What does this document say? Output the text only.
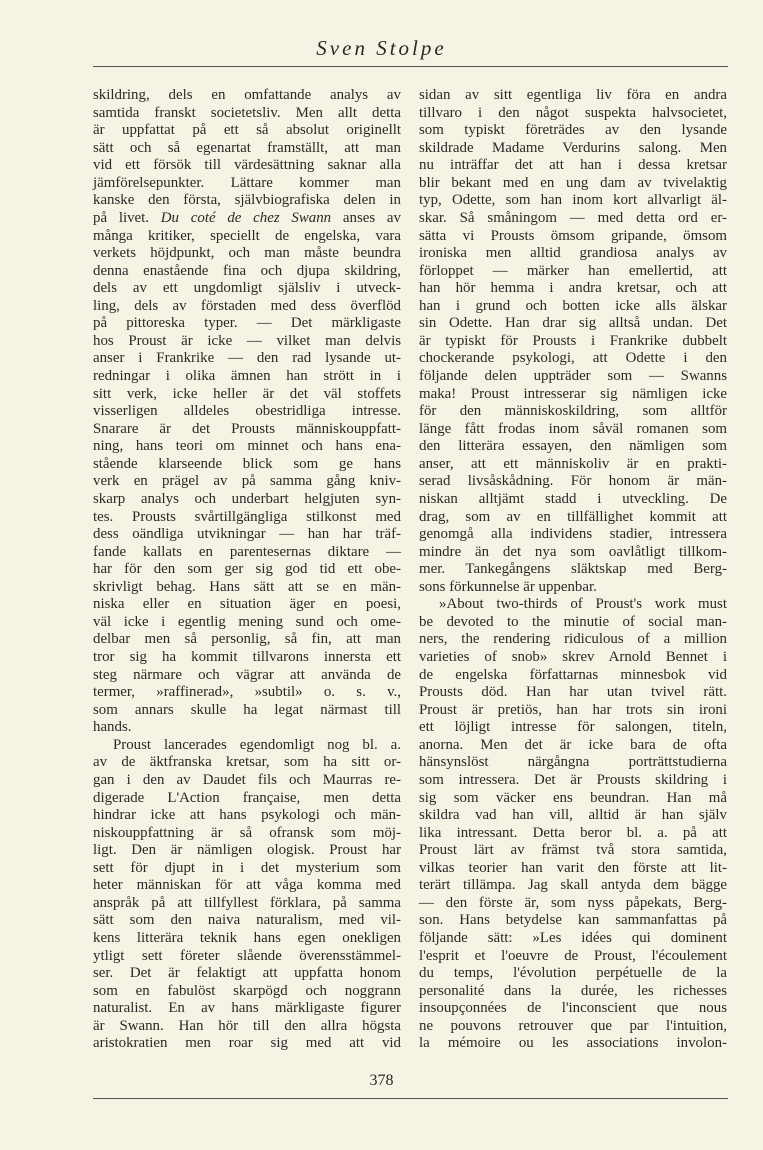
Sven Stolpe
skildring, dels en omfattande analys av
samtida franskt societetsliv. Men allt detta
är uppfattat på ett så absolut originellt
sätt och så egenartat framställt, att man
vid ett försök till värdesättning saknar alla
jämförelsepunkter. Lättare kommer man
kanske den första, självbiografiska delen in
på livet. Du coté de chez Swann anses av
många kritiker, speciellt de engelska, vara
verkets höjdpunkt, och man måste beundra
denna enastående fina och djupa skildring,
dels av ett ungdomligt själsliv i utveck-
ling, dels av förstaden med dess överflöd
på pittoreska typer. — Det märkligaste
hos Proust är icke — vilket man delvis
anser i Frankrike — den rad lysande ut-
redningar i olika ämnen han strött in i
sitt verk, icke heller är det väl stoffets
visserligen alldeles obestridliga intresse.
Snarare är det Prousts människouppfatt-
ning, hans teori om minnet och hans ena-
stående klarseende blick som ge hans
verk en prägel av på samma gång kniv-
skarp analys och underbart helgjuten syn-
tes. Prousts svårtillgängliga stilkonst med
dess oändliga utvikningar — han har träf-
fande kallats en parentesernas diktare —
har för den som ger sig god tid ett obe-
skrivligt behag. Hans sätt att se en män-
niska eller en situation äger en poesi,
väl icke i egentlig mening sund och ome-
delbar men så personlig, så fin, att man
tror sig ha kommit tillvarons innersta ett
steg närmare och vägrar att använda de
termer, »raffinerad», »subtil» o. s. v.,
som annars skulle ha legat närmast till
hands.
Proust lancerades egendomligt nog bl. a.
av de äktfranska kretsar, som ha sitt or-
gan i den av Daudet fils och Maurras re-
digerade L'Action française, men detta
hindrar icke att hans psykologi och män-
niskouppfattning är så ofransk som möj-
ligt. Den är nämligen ologisk. Proust har
sett för djupt in i det mysterium som
heter människan för att våga komma med
anspråk på att tillfyllest förklara, på samma
sätt som den naiva naturalism, med vil-
kens litterära teknik hans egen onekligen
ytligt sett företer slående överensstämmel-
ser. Det är felaktigt att uppfatta honom
som en fabulöst skarpögd och noggrann
naturalist. En av hans märkligaste figurer
är Swann. Han hör till den allra högsta
aristokratien men roar sig med att vid
sidan av sitt egentliga liv föra en andra
tillvaro i den något suspekta halvsocietet,
som typiskt företrädes av den lysande
skildrade Madame Verdurins salong. Men
nu inträffar det att han i dessa kretsar
blir bekant med en ung dam av tvivelaktig
typ, Odette, som han inom kort allvarligt äl-
skar. Så småningom — med detta ord er-
sätta vi Prousts ömsom gripande, ömsom
ironiska men alltid grandiosa analys av
förloppet — märker han emellertid, att
han hör hemma i andra kretsar, och att
han i grund och botten icke alls älskar
sin Odette. Han drar sig alltså undan. Det
är typiskt för Prousts i Frankrike dubbelt
chockerande psykologi, att Odette i den
följande delen uppträder som — Swanns
maka! Proust intresserar sig nämligen icke
för den människoskildring, som alltför
länge fått frodas inom såväl romanen som
den litterära essayen, den nämligen som
anser, att ett människoliv är en prakti-
serad livsåskådning. För honom är män-
niskan alltjämt stadd i utveckling. De
drag, som av en tillfällighet kommit att
genomgå alla individens stadier, intressera
mindre än det nya som oavlåtligt tillkom-
mer. Tankegångens släktskap med Berg-
sons förkunnelse är uppenbar.
»About two-thirds of Proust's work must
be devoted to the minutie of social man-
ners, the rendering ridiculous of a million
varieties of snob» skrev Arnold Bennet i
de engelska författarnas minnesbok vid
Prousts död. Han har utan tvivel rätt.
Proust är pretiös, han har trots sin ironi
ett löjligt intresse för salongen, titeln,
anorna. Men det är icke bara de ofta
hänsynslöst närgångna porträttstudierna
som intressera. Det är Prousts skildring i
sig som väcker ens beundran. Han må
skildra vad han vill, alltid är han själv
lika intressant. Detta beror bl. a. på att
Proust lärt av främst två stora samtida,
vilkas teorier han varit den förste att lit-
terärt tillämpa. Jag skall antyda dem bägge
— den förste är, som nyss påpekats, Berg-
son. Hans betydelse kan sammanfattas på
följande sätt: »Les idées qui dominent
l'esprit et l'oeuvre de Proust, l'écoulement
du temps, l'évolution perpétuelle de la
personalité dans la durée, les richesses
insoupçonnées de l'inconscient que nous
ne pouvons retrouver que par l'intuition,
la mémoire ou les associations involon-
378
